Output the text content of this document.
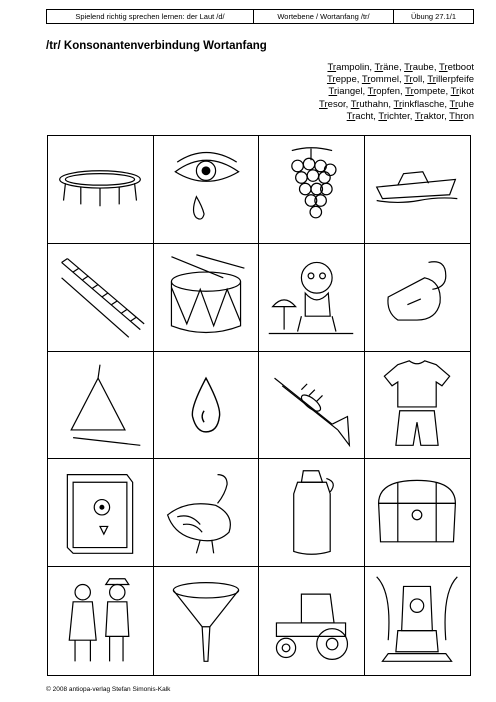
Spielend richtig sprechen lernen: der Laut /d/	Wortebene / Wortanfang /tr/	Übung 27.1/1
/tr/ Konsonantenverbindung Wortanfang
Trampolin, Träne, Traube, Tretboot
Treppe, Trommel, Troll, Trillerpfeife
Triangel, Tropfen, Trompete, Trikot
Tresor, Truthahn, Trinkflasche, Truhe
Tracht, Trichter, Traktor, Thron
© 2008 antiopa-verlag Stefan Simonis-Kalk
